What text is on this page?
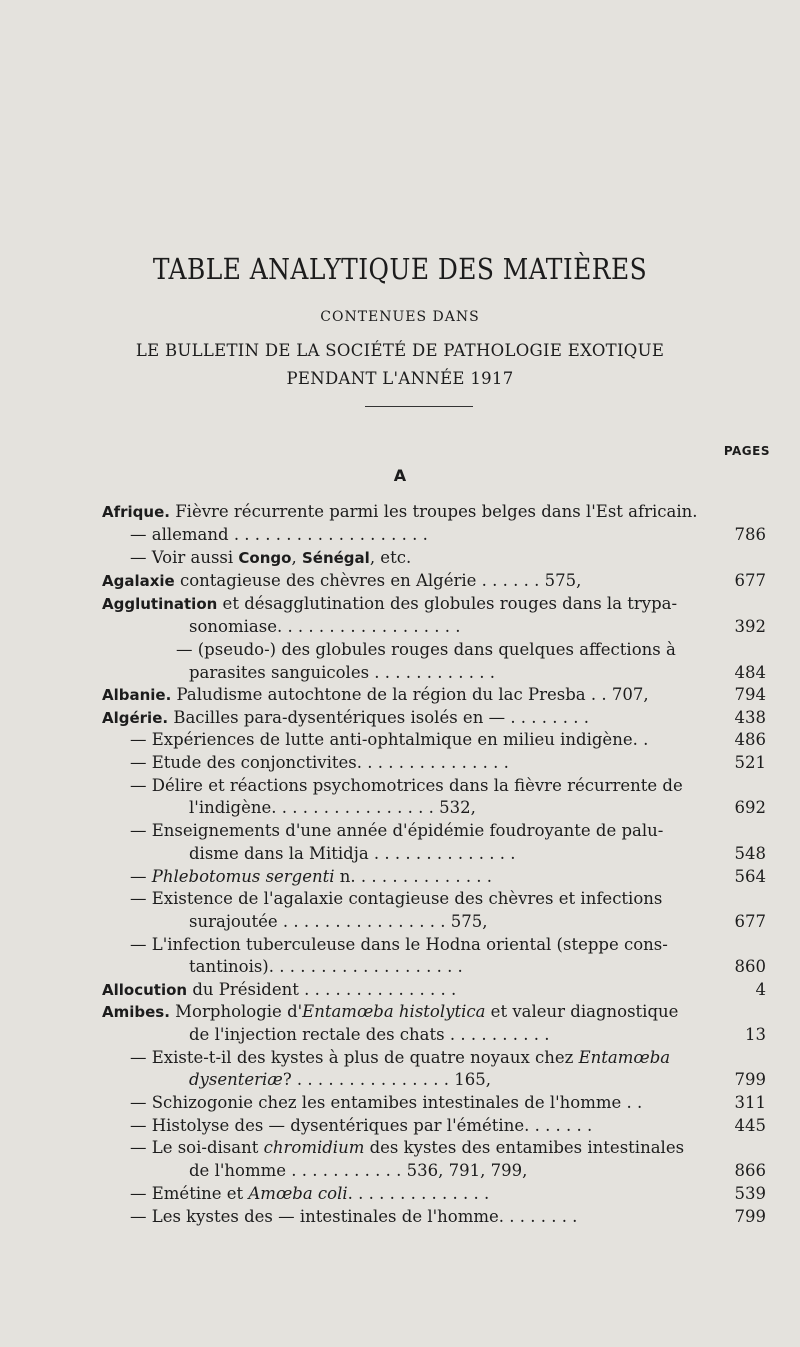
TABLE ANALYTIQUE DES MATIÈRES
CONTENUES DANS
LE BULLETIN DE LA SOCIÉTÉ DE PATHOLOGIE EXOTIQUE
PENDANT L'ANNÉE 1917
PAGES
A
Afrique. Fièvre récurrente parmi les troupes belges dans l'Est africain.
— allemand . . . . . . . . . . . . . . . . . . .	786
— Voir aussi Congo, Sénégal, etc.
Agalaxie contagieuse des chèvres en Algérie . . . . . . 575,	677
Agglutination et désagglutination des globules rouges dans la trypa-
sonomiase. . . . . . . . . . . . . . . . . .	392
— (pseudo-) des globules rouges dans quelques affections à
parasites sanguicoles . . . . . . . . . . . .	484
Albanie. Paludisme autochtone de la région du lac Presba . . 707,	794
Algérie. Bacilles para-dysentériques isolés en — . . . . . . . .	438
— Expériences de lutte anti-ophtalmique en milieu indigène. .	486
— Etude des conjonctivites. . . . . . . . . . . . . . .	521
— Délire et réactions psychomotrices dans la fièvre récurrente de
l'indigène. . . . . . . . . . . . . . . . 532,	692
— Enseignements d'une année d'épidémie foudroyante de palu-
disme dans la Mitidja . . . . . . . . . . . . . .	548
— Phlebotomus sergenti n. . . . . . . . . . . . . .	564
— Existence de l'agalaxie contagieuse des chèvres et infections
surajoutée . . . . . . . . . . . . . . . . 575,	677
— L'infection tuberculeuse dans le Hodna oriental (steppe cons-
tantinois). . . . . . . . . . . . . . . . . . .	860
Allocution du Président . . . . . . . . . . . . . . .	4
Amibes. Morphologie d'Entamœba histolytica et valeur diagnostique
de l'injection rectale des chats . . . . . . . . . .	13
— Existe-t-il des kystes à plus de quatre noyaux chez Entamœba
dysenteriæ? . . . . . . . . . . . . . . . 165,	799
— Schizogonie chez les entamibes intestinales de l'homme . .	311
— Histolyse des — dysentériques par l'émétine. . . . . . .	445
— Le soi-disant chromidium des kystes des entamibes intestinales
de l'homme . . . . . . . . . . . 536, 791, 799,	866
— Emétine et Amœba coli. . . . . . . . . . . . . .	539
— Les kystes des — intestinales de l'homme. . . . . . . .	799
